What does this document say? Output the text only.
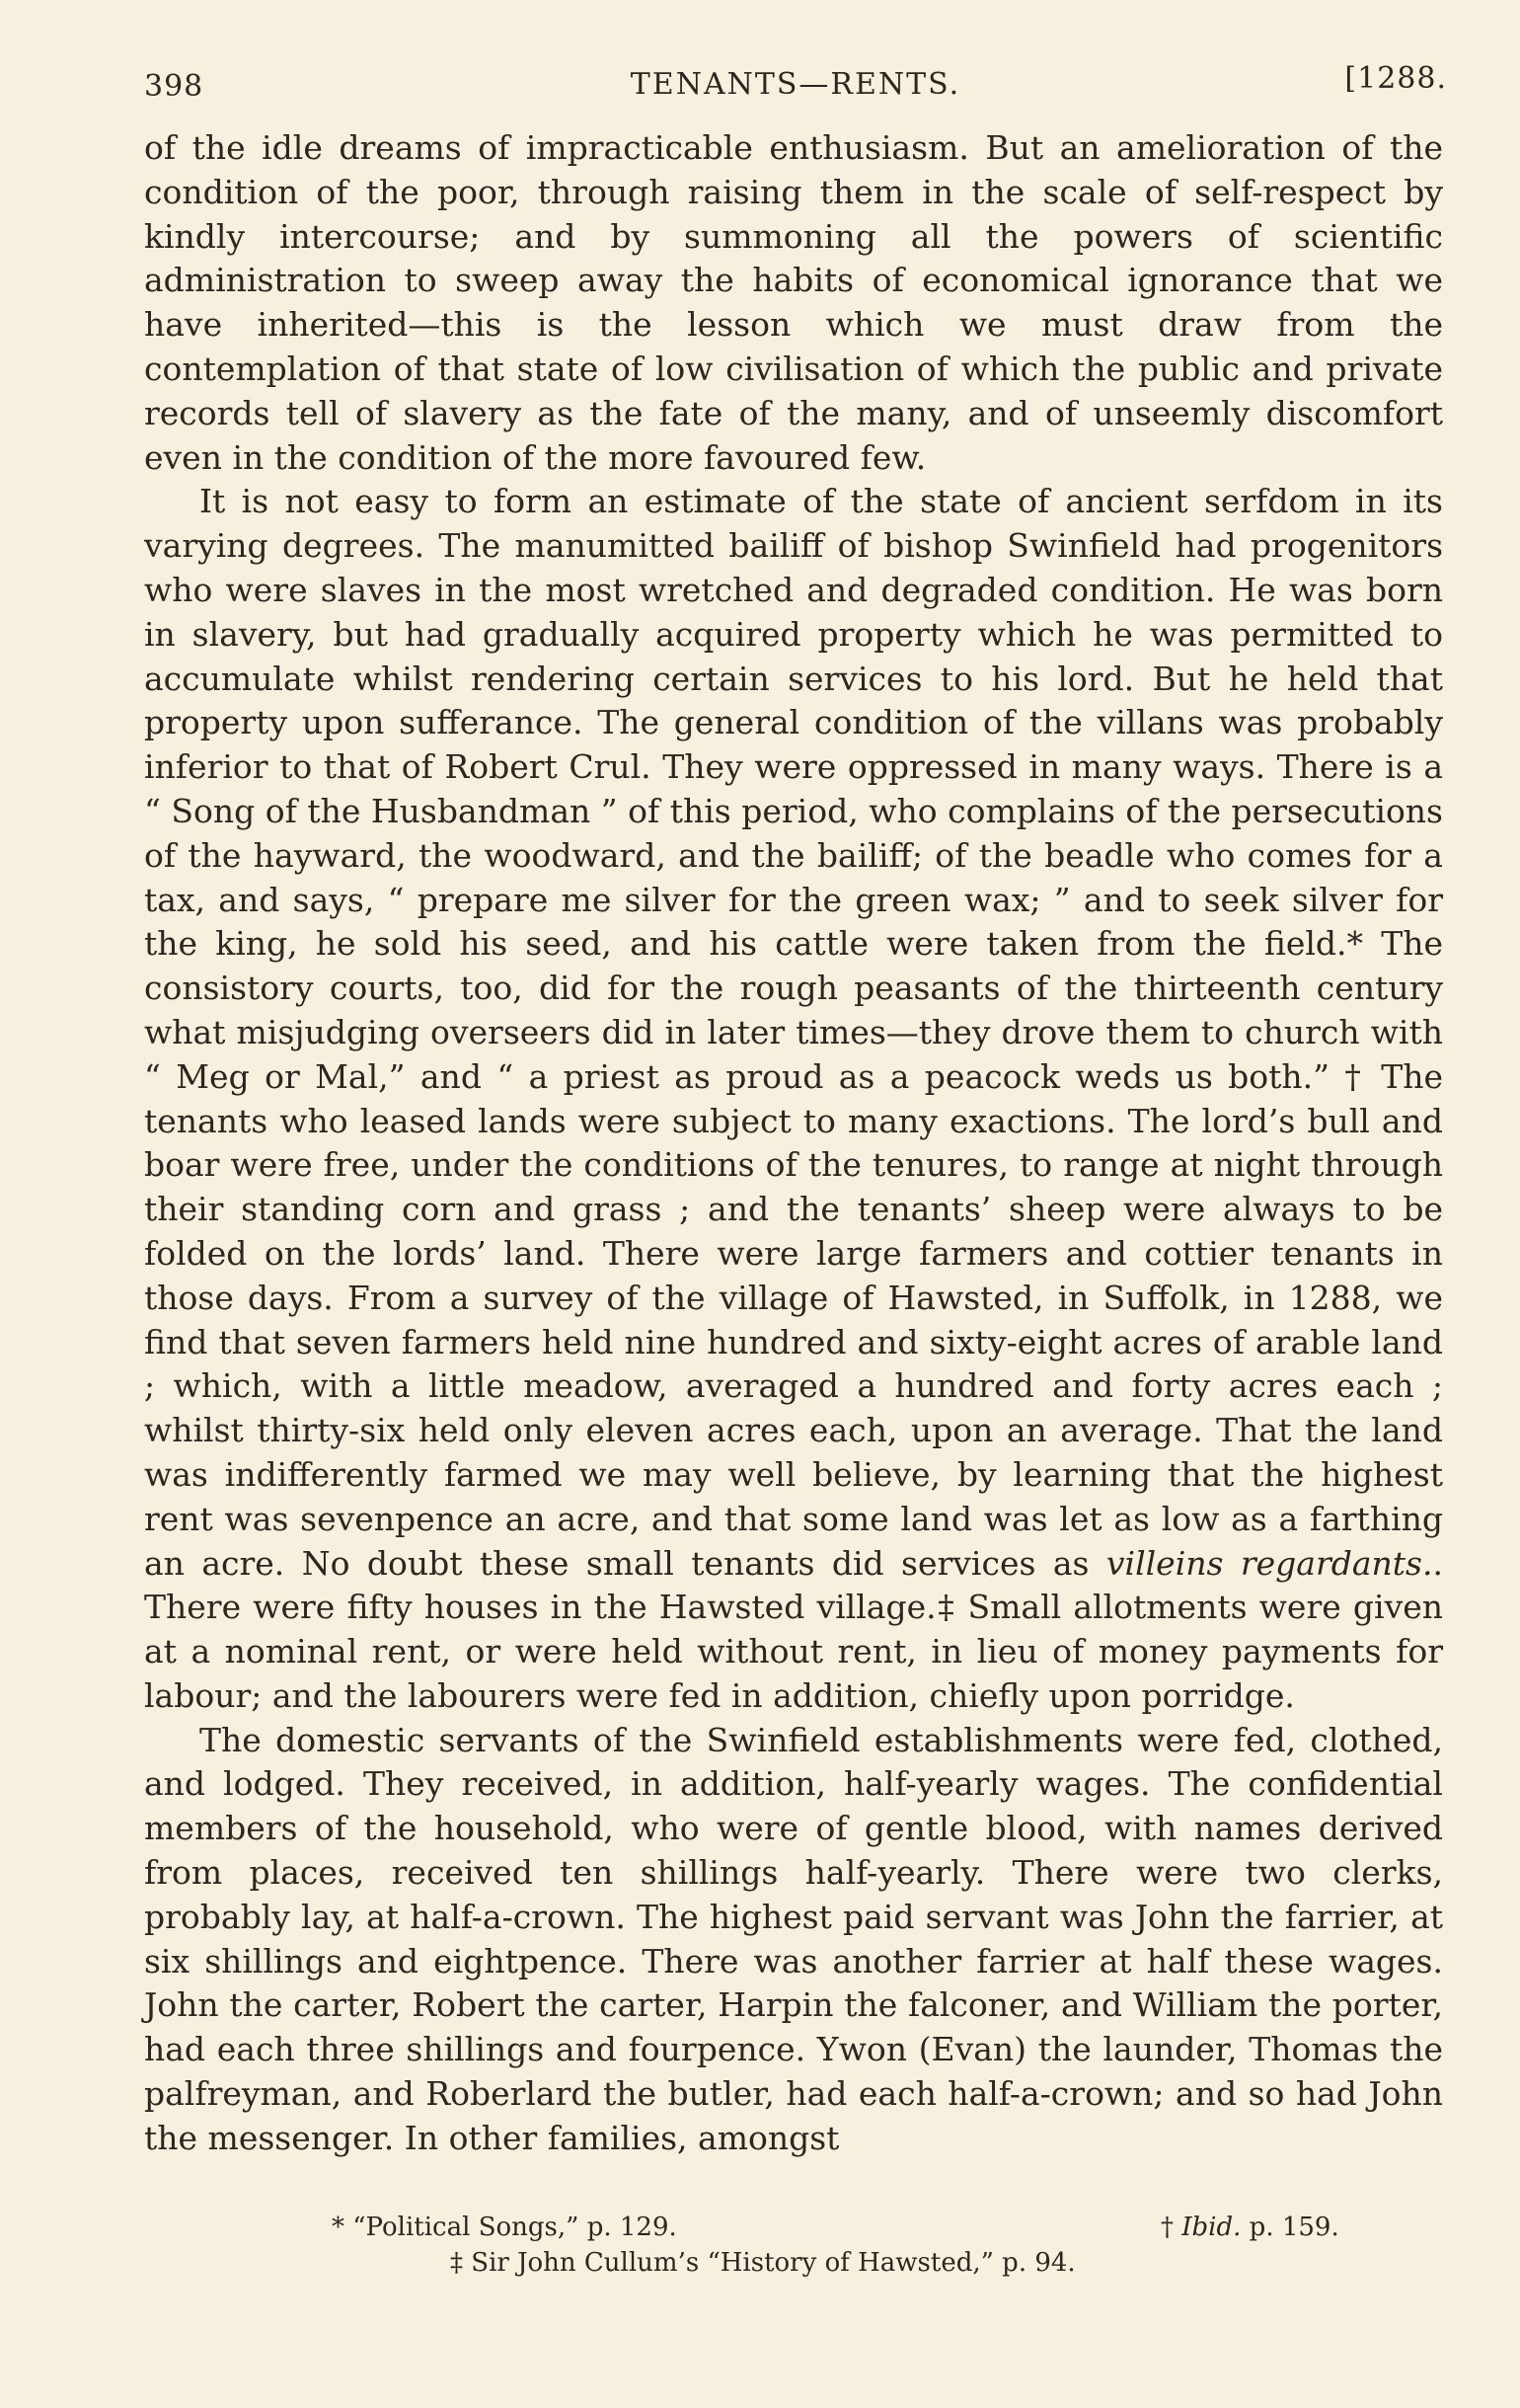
398	TENANTS—RENTS.	[1288.

of the idle dreams of impracticable enthusiasm. But an amelioration of the condition of the poor, through raising them in the scale of self-respect by kindly intercourse; and by summoning all the powers of scientific administration to sweep away the habits of economical ignorance that we have inherited—this is the lesson which we must draw from the contemplation of that state of low civilisation of which the public and private records tell of slavery as the fate of the many, and of unseemly discomfort even in the condition of the more favoured few.

It is not easy to form an estimate of the state of ancient serfdom in its varying degrees. The manumitted bailiff of bishop Swinfield had progenitors who were slaves in the most wretched and degraded condition. He was born in slavery, but had gradually acquired property which he was permitted to accumulate whilst rendering certain services to his lord. But he held that property upon sufferance. The general condition of the villans was probably inferior to that of Robert Crul. They were oppressed in many ways. There is a “ Song of the Husbandman ” of this period, who complains of the persecutions of the hayward, the woodward, and the bailiff; of the beadle who comes for a tax, and says, “ prepare me silver for the green wax; ” and to seek silver for the king, he sold his seed, and his cattle were taken from the field.* The consistory courts, too, did for the rough peasants of the thirteenth century what misjudging overseers did in later times—they drove them to church with “ Meg or Mal,” and “ a priest as proud as a peacock weds us both.” † The tenants who leased lands were subject to many exactions. The lord’s bull and boar were free, under the conditions of the tenures, to range at night through their standing corn and grass ; and the tenants’ sheep were always to be folded on the lords’ land. There were large farmers and cottier tenants in those days. From a survey of the village of Hawsted, in Suffolk, in 1288, we find that seven farmers held nine hundred and sixty-eight acres of arable land ; which, with a little meadow, averaged a hundred and forty acres each ; whilst thirty-six held only eleven acres each, upon an average. That the land was indifferently farmed we may well believe, by learning that the highest rent was sevenpence an acre, and that some land was let as low as a farthing an acre. No doubt these small tenants did services as villeins regardants.. There were fifty houses in the Hawsted village.‡ Small allotments were given at a nominal rent, or were held without rent, in lieu of money payments for labour; and the labourers were fed in addition, chiefly upon porridge.

The domestic servants of the Swinfield establishments were fed, clothed, and lodged. They received, in addition, half-yearly wages. The confidential members of the household, who were of gentle blood, with names derived from places, received ten shillings half-yearly. There were two clerks, probably lay, at half-a-crown. The highest paid servant was John the farrier, at six shillings and eightpence. There was another farrier at half these wages. John the carter, Robert the carter, Harpin the falconer, and William the porter, had each three shillings and fourpence. Ywon (Evan) the launder, Thomas the palfreyman, and Roberlard the butler, had each half-a-crown; and so had John the messenger. In other families, amongst

* “Political Songs,” p. 129.	† Ibid. p. 159.
‡ Sir John Cullum’s “History of Hawsted,” p. 94.
